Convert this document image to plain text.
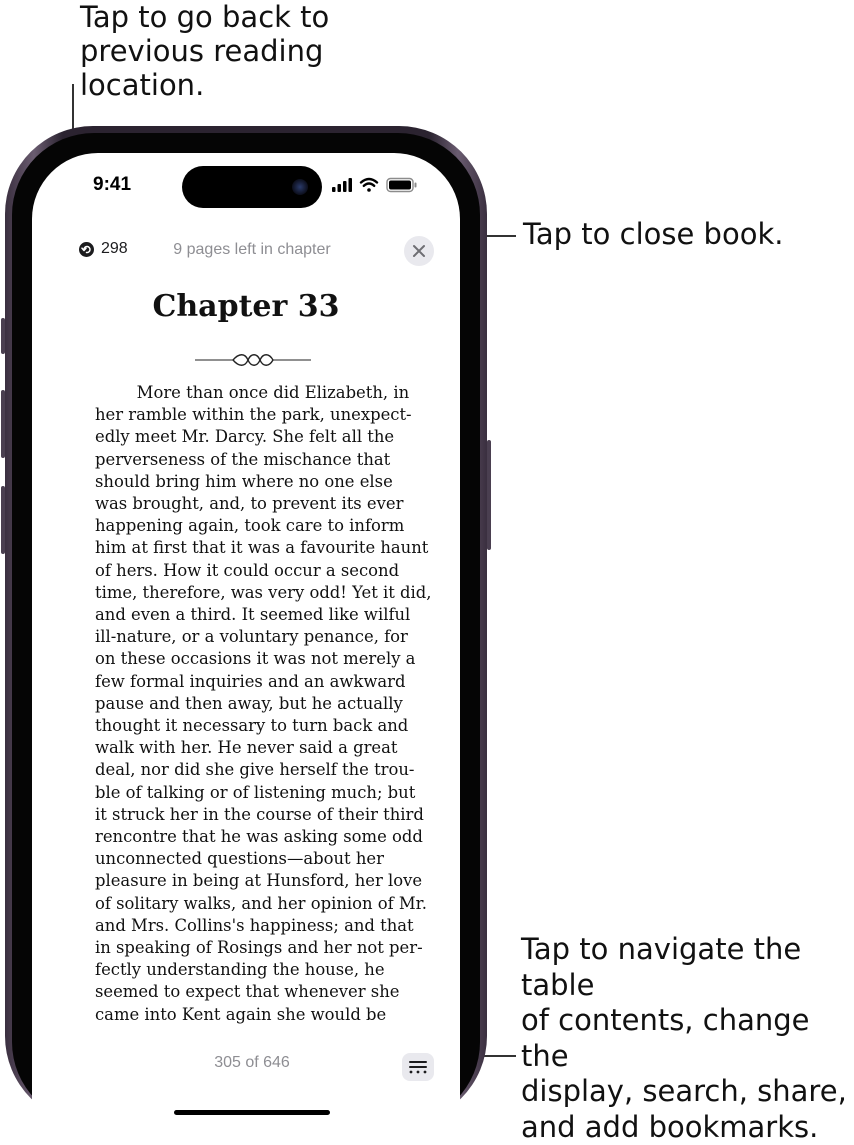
Tap to go back to
previous reading
location.
Tap to close book.
Tap to navigate the table
of contents, change the
display, search, share,
and add bookmarks.
9:41
298	9 pages left in chapter
Chapter 33
More than once did Elizabeth, in
her ramble within the park, unexpect-
edly meet Mr. Darcy. She felt all the
perverseness of the mischance that
should bring him where no one else
was brought, and, to prevent its ever
happening again, took care to inform
him at first that it was a favourite haunt
of hers. How it could occur a second
time, therefore, was very odd! Yet it did,
and even a third. It seemed like wilful
ill-nature, or a voluntary penance, for
on these occasions it was not merely a
few formal inquiries and an awkward
pause and then away, but he actually
thought it necessary to turn back and
walk with her. He never said a great
deal, nor did she give herself the trou-
ble of talking or of listening much; but
it struck her in the course of their third
rencontre that he was asking some odd
unconnected questions—about her
pleasure in being at Hunsford, her love
of solitary walks, and her opinion of Mr.
and Mrs. Collins's happiness; and that
in speaking of Rosings and her not per-
fectly understanding the house, he
seemed to expect that whenever she
came into Kent again she would be
305 of 646
